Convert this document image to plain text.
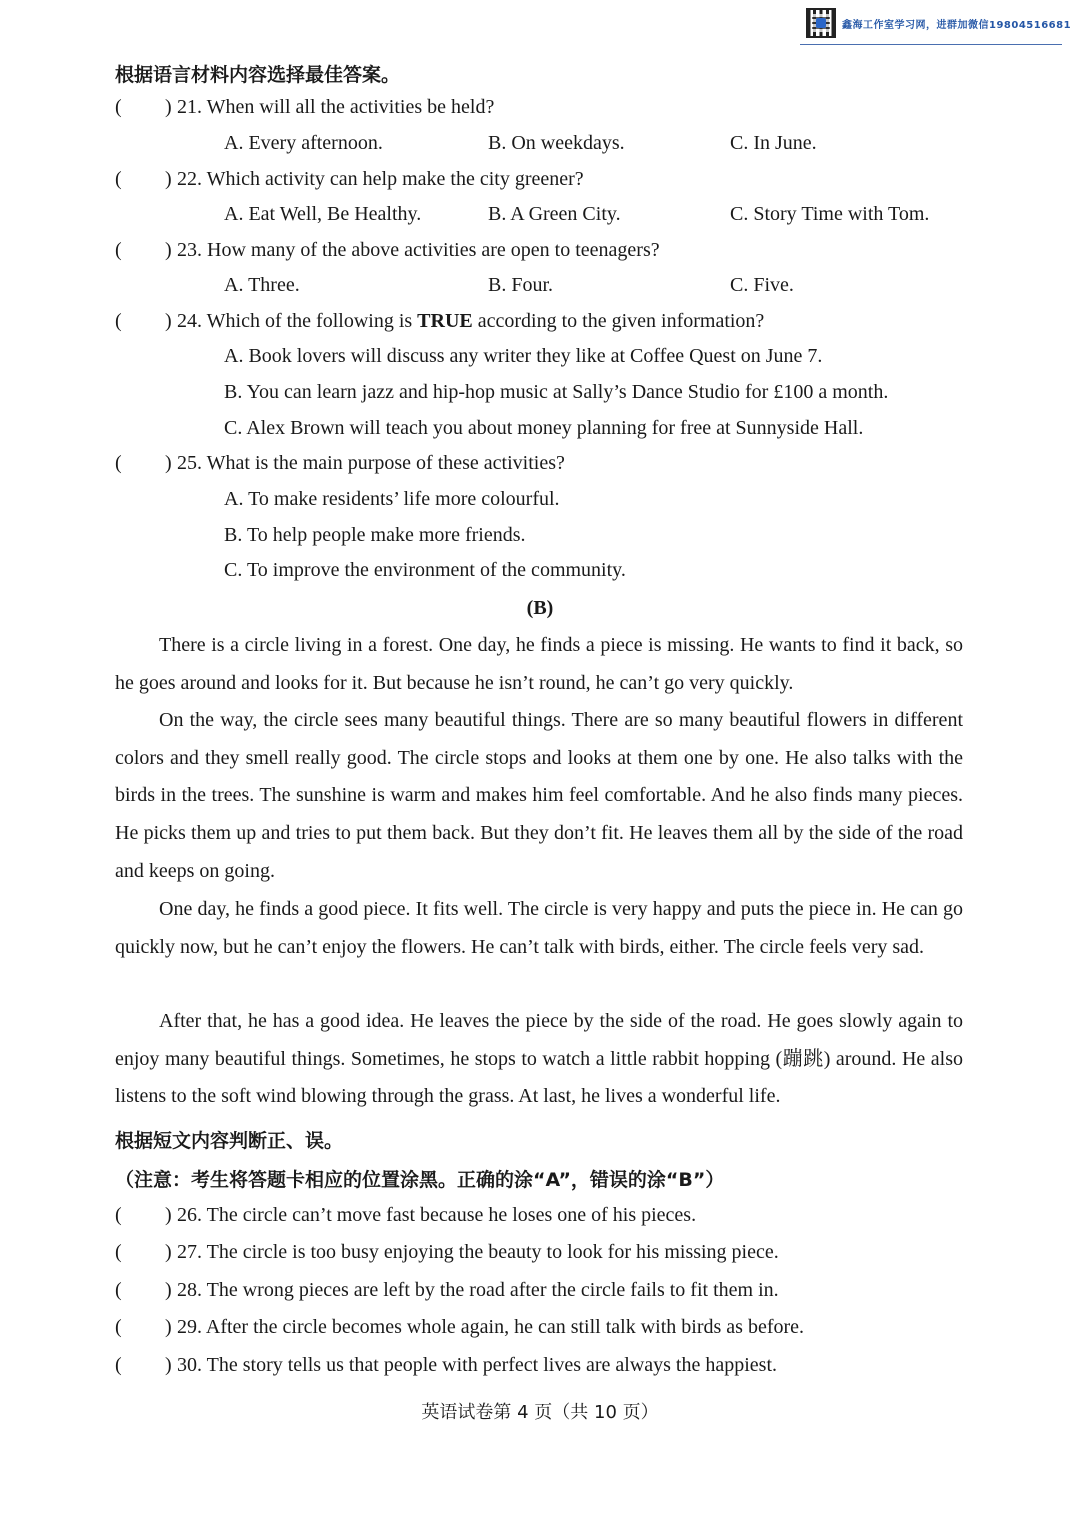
鑫海工作室学习网，进群加微信19804516681
根据语言材料内容选择最佳答案。
( ) 21. When will all the activities be held?
A. Every afternoon.	B. On weekdays.	C. In June.
( ) 22. Which activity can help make the city greener?
A. Eat Well, Be Healthy.	B. A Green City.	C. Story Time with Tom.
( ) 23. How many of the above activities are open to teenagers?
A. Three.	B. Four.	C. Five.
( ) 24. Which of the following is TRUE according to the given information?
A. Book lovers will discuss any writer they like at Coffee Quest on June 7.
B. You can learn jazz and hip-hop music at Sally’s Dance Studio for £100 a month.
C. Alex Brown will teach you about money planning for free at Sunnyside Hall.
( ) 25. What is the main purpose of these activities?
A. To make residents’ life more colourful.
B. To help people make more friends.
C. To improve the environment of the community.
(B)
There is a circle living in a forest. One day, he finds a piece is missing. He wants to find it back, so he goes around and looks for it. But because he isn’t round, he can’t go very quickly.
On the way, the circle sees many beautiful things. There are so many beautiful flowers in different colors and they smell really good. The circle stops and looks at them one by one. He also talks with the birds in the trees. The sunshine is warm and makes him feel comfortable. And he also finds many pieces. He picks them up and tries to put them back. But they don’t fit. He leaves them all by the side of the road and keeps on going.
One day, he finds a good piece. It fits well. The circle is very happy and puts the piece in. He can go quickly now, but he can’t enjoy the flowers. He can’t talk with birds, either. The circle feels very sad.
After that, he has a good idea. He leaves the piece by the side of the road. He goes slowly again to enjoy many beautiful things. Sometimes, he stops to watch a little rabbit hopping (蹦跳) around. He also listens to the soft wind blowing through the grass. At last, he lives a wonderful life.
根据短文内容判断正、误。
（注意：考生将答题卡相应的位置涂黑。正确的涂“A”，错误的涂“B”）
( ) 26. The circle can’t move fast because he loses one of his pieces.
( ) 27. The circle is too busy enjoying the beauty to look for his missing piece.
( ) 28. The wrong pieces are left by the road after the circle fails to fit them in.
( ) 29. After the circle becomes whole again, he can still talk with birds as before.
( ) 30. The story tells us that people with perfect lives are always the happiest.
英语试卷第 4 页（共 10 页）
